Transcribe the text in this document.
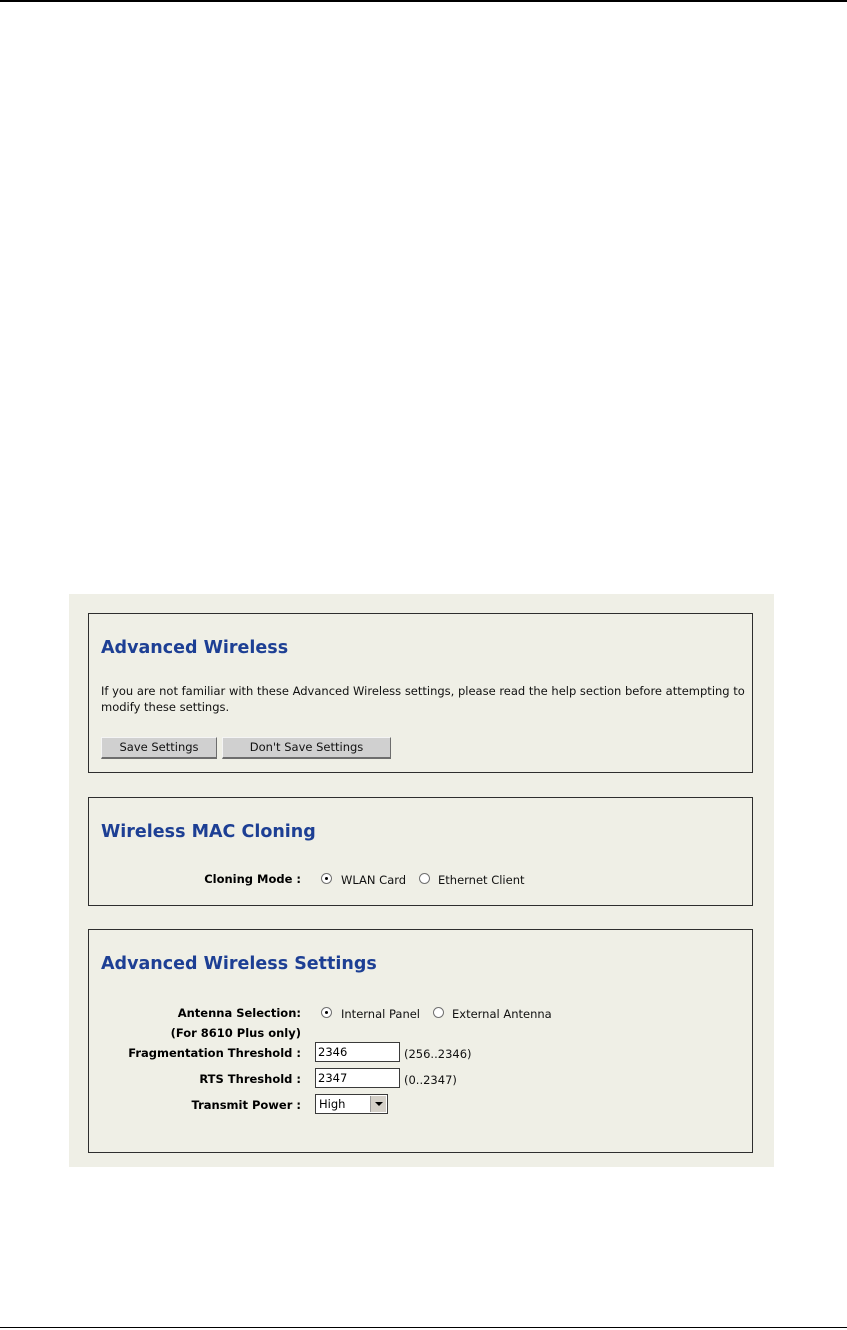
Advanced Wireless
If you are not familiar with these Advanced Wireless settings, please read the help section before attempting to modify these settings.
Save Settings	Don't Save Settings
Wireless MAC Cloning
Cloning Mode :	WLAN Card	Ethernet Client
Advanced Wireless Settings
Antenna Selection:
(For 8610 Plus only)
Internal Panel	External Antenna
Fragmentation Threshold :
2346	(256..2346)
RTS Threshold :
2347	(0..2347)
Transmit Power : High
